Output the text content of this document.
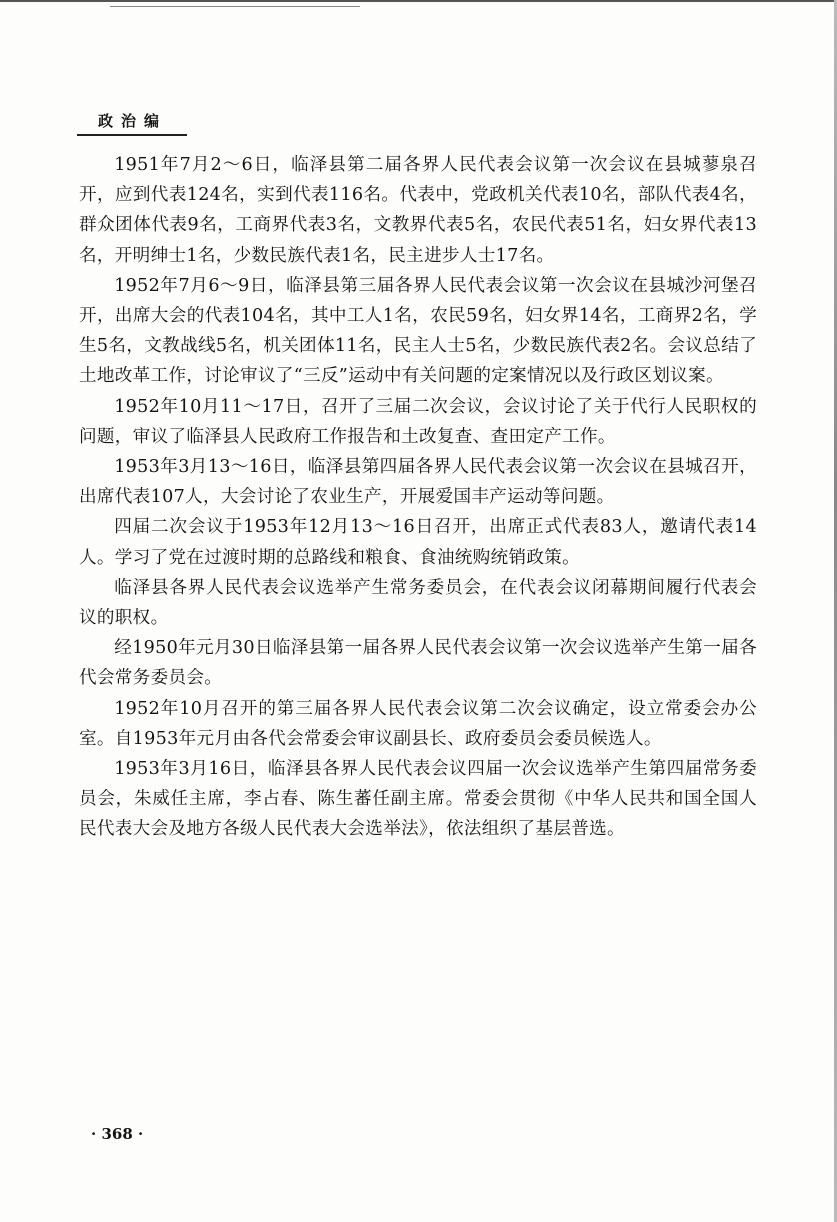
政治编

1951年7月2～6日，临泽县第二届各界人民代表会议第一次会议在县城蓼泉召开，应到代表124名，实到代表116名。代表中，党政机关代表10名，部队代表4名，群众团体代表9名，工商界代表3名，文教界代表5名，农民代表51名，妇女界代表13名，开明绅士1名，少数民族代表1名，民主进步人士17名。

1952年7月6～9日，临泽县第三届各界人民代表会议第一次会议在县城沙河堡召开，出席大会的代表104名，其中工人1名，农民59名，妇女界14名，工商界2名，学生5名，文教战线5名，机关团体11名，民主人士5名，少数民族代表2名。会议总结了土地改革工作，讨论审议了“三反”运动中有关问题的定案情况以及行政区划议案。

1952年10月11～17日，召开了三届二次会议，会议讨论了关于代行人民职权的问题，审议了临泽县人民政府工作报告和土改复查、查田定产工作。

1953年3月13～16日，临泽县第四届各界人民代表会议第一次会议在县城召开，出席代表107人，大会讨论了农业生产，开展爱国丰产运动等问题。

四届二次会议于1953年12月13～16日召开，出席正式代表83人，邀请代表14人。学习了党在过渡时期的总路线和粮食、食油统购统销政策。

临泽县各界人民代表会议选举产生常务委员会，在代表会议闭幕期间履行代表会议的职权。

经1950年元月30日临泽县第一届各界人民代表会议第一次会议选举产生第一届各代会常务委员会。

1952年10月召开的第三届各界人民代表会议第二次会议确定，设立常委会办公室。自1953年元月由各代会常委会审议副县长、政府委员会委员候选人。

1953年3月16日，临泽县各界人民代表会议四届一次会议选举产生第四届常务委员会，朱威任主席，李占春、陈生蕃任副主席。常委会贯彻《中华人民共和国全国人民代表大会及地方各级人民代表大会选举法》，依法组织了基层普选。

· 368 ·
